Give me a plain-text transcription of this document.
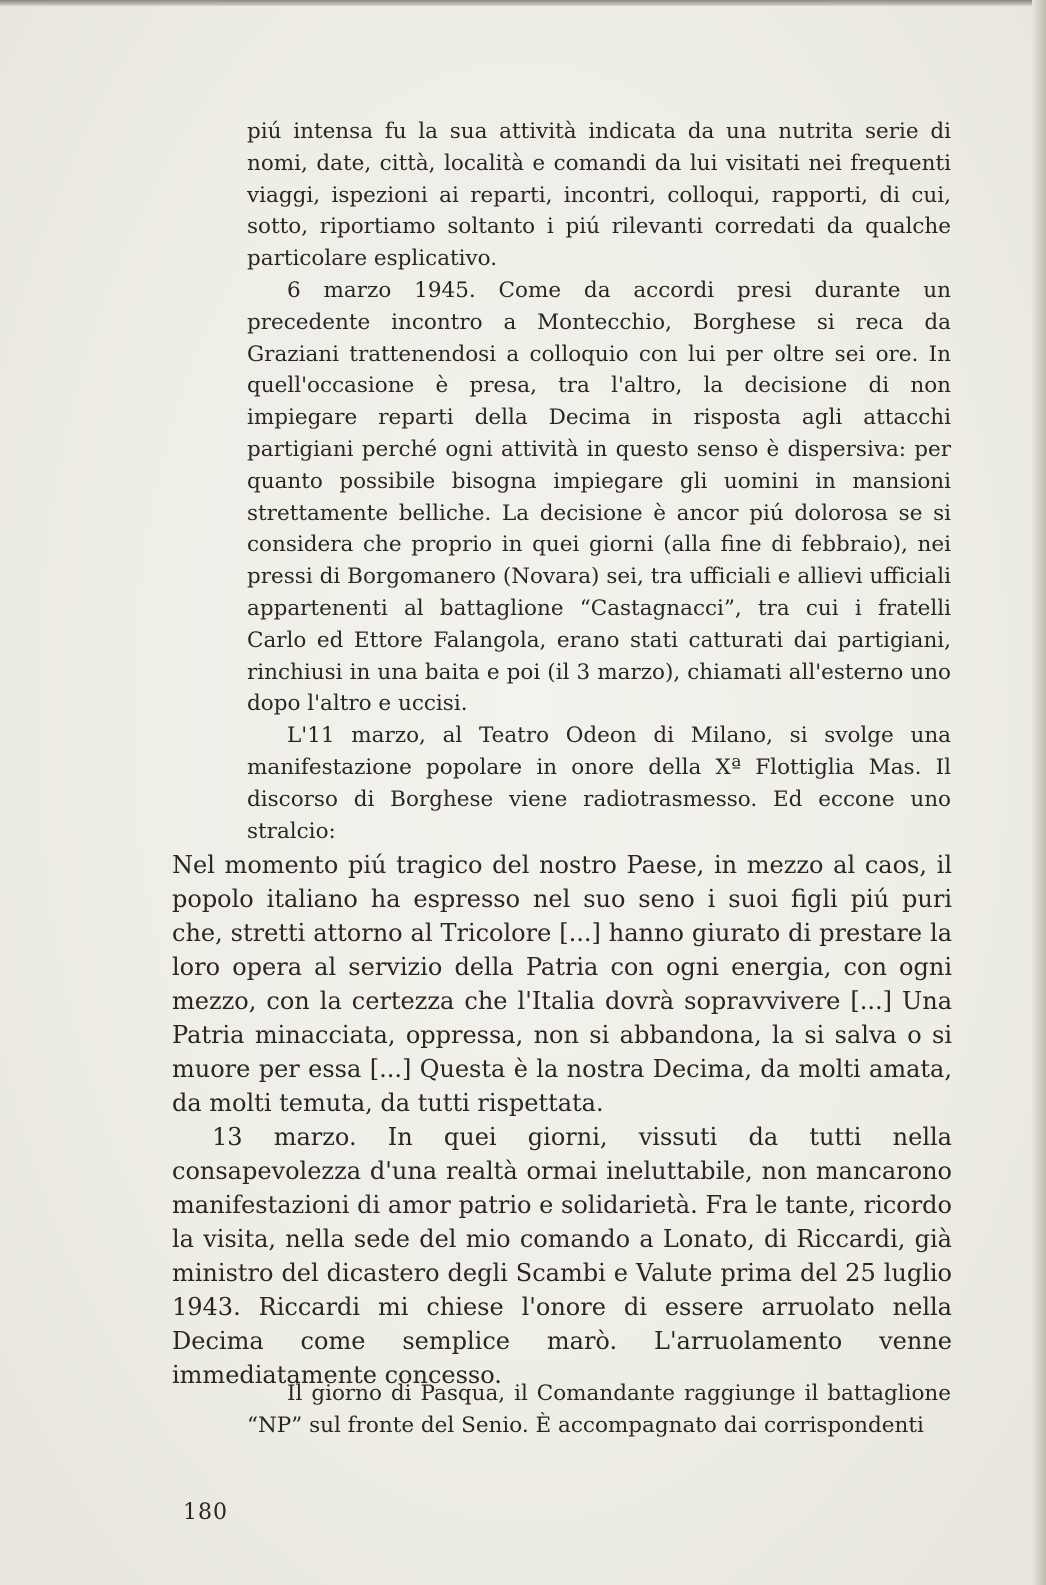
piú intensa fu la sua attività indicata da una nutrita serie di nomi, date, città, località e comandi da lui visitati nei frequenti viaggi, ispezioni ai reparti, incontri, colloqui, rapporti, di cui, sotto, riportiamo soltanto i piú rilevanti corredati da qualche particolare esplicativo.

6 marzo 1945. Come da accordi presi durante un precedente incontro a Montecchio, Borghese si reca da Graziani trattenendosi a colloquio con lui per oltre sei ore. In quell'occasione è presa, tra l'altro, la decisione di non impiegare reparti della Decima in risposta agli attacchi partigiani perché ogni attività in questo senso è dispersiva: per quanto possibile bisogna impiegare gli uomini in mansioni strettamente belliche. La decisione è ancor piú dolorosa se si considera che proprio in quei giorni (alla fine di febbraio), nei pressi di Borgomanero (Novara) sei, tra ufficiali e allievi ufficiali appartenenti al battaglione “Castagnacci”, tra cui i fratelli Carlo ed Ettore Falangola, erano stati catturati dai partigiani, rinchiusi in una baita e poi (il 3 marzo), chiamati all'esterno uno dopo l'altro e uccisi.

L'11 marzo, al Teatro Odeon di Milano, si svolge una manifestazione popolare in onore della Xª Flottiglia Mas. Il discorso di Borghese viene radiotrasmesso. Ed eccone uno stralcio:

Nel momento piú tragico del nostro Paese, in mezzo al caos, il popolo italiano ha espresso nel suo seno i suoi figli piú puri che, stretti attorno al Tricolore [...] hanno giurato di prestare la loro opera al servizio della Patria con ogni energia, con ogni mezzo, con la certezza che l'Italia dovrà sopravvivere [...] Una Patria minacciata, oppressa, non si abbandona, la si salva o si muore per essa [...] Questa è la nostra Decima, da molti amata, da molti temuta, da tutti rispettata.

13 marzo. In quei giorni, vissuti da tutti nella consapevolezza d'una realtà ormai ineluttabile, non mancarono manifestazioni di amor patrio e solidarietà. Fra le tante, ricordo la visita, nella sede del mio comando a Lonato, di Riccardi, già ministro del dicastero degli Scambi e Valute prima del 25 luglio 1943. Riccardi mi chiese l'onore di essere arruolato nella Decima come semplice marò. L'arruolamento venne immediatamente concesso.

Il giorno di Pasqua, il Comandante raggiunge il battaglione “NP” sul fronte del Senio. È accompagnato dai corrispondenti

180
